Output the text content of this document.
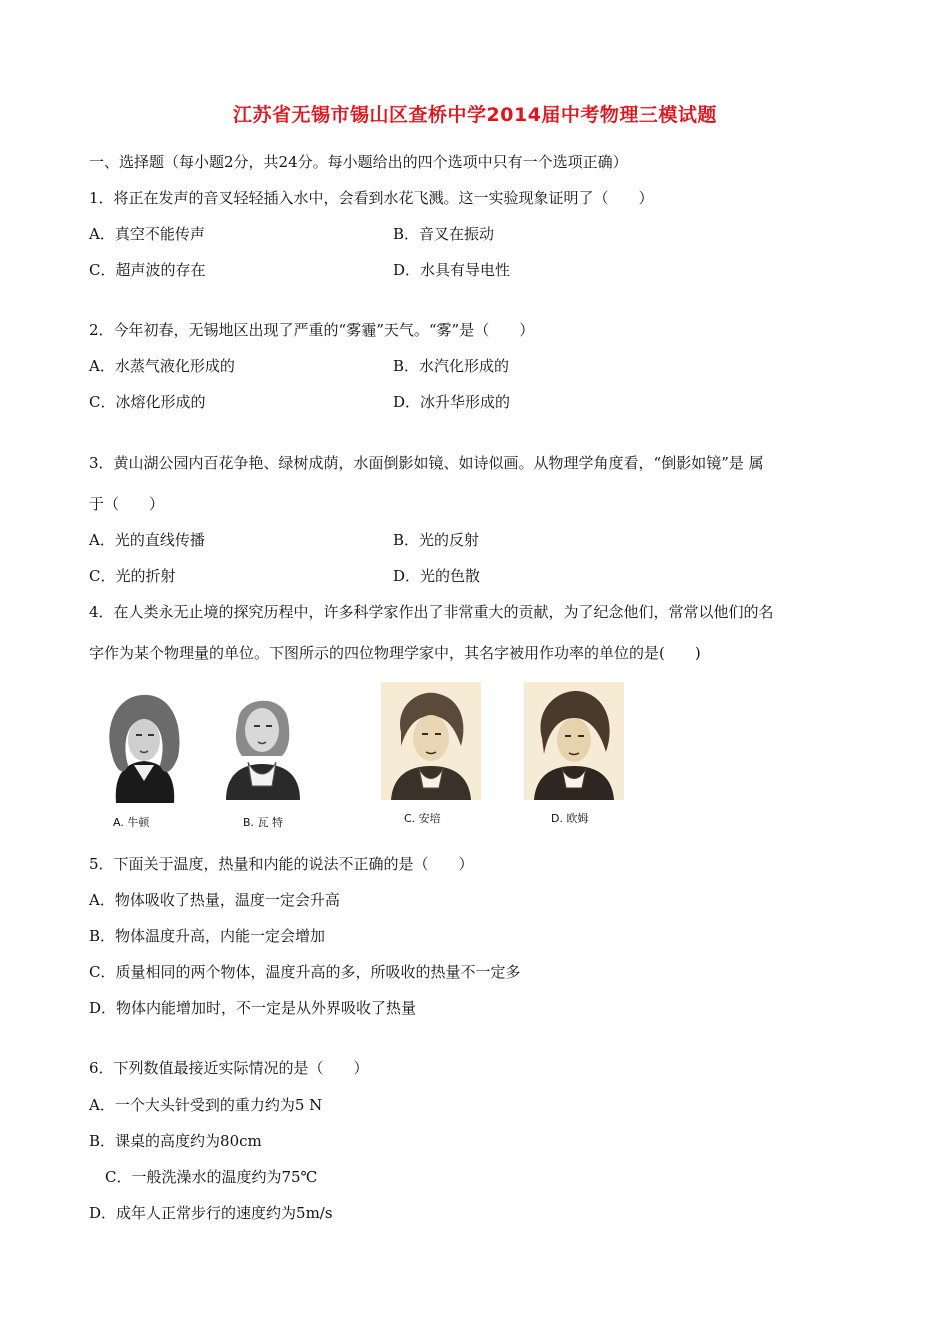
江苏省无锡市锡山区查桥中学2014届中考物理三模试题
一、选择题（每小题2分，共24分。每小题给出的四个选项中只有一个选项正确）
1．将正在发声的音叉轻轻插入水中，会看到水花飞溅。这一实验现象证明了（　　）
A．真空不能传声	B．音叉在振动
C．超声波的存在	D．水具有导电性
2．今年初春，无锡地区出现了严重的“雾霾”天气。“雾”是（　　）
A．水蒸气液化形成的	B．水汽化形成的
C．冰熔化形成的	D．冰升华形成的
3．黄山湖公园内百花争艳、绿树成荫，水面倒影如镜、如诗似画。从物理学角度看，“倒影如镜”是 属
于（　　）
A．光的直线传播	B．光的反射
C．光的折射	D．光的色散
4．在人类永无止境的探究历程中，许多科学家作出了非常重大的贡献，为了纪念他们，常常以他们的名
字作为某个物理量的单位。下图所示的四位物理学家中，其名字被用作功率的单位的是(　　)
A. 牛顿	B. 瓦 特	C. 安培	D. 欧姆
5．下面关于温度，热量和内能的说法不正确的是（　　）
A．物体吸收了热量，温度一定会升高
B．物体温度升高，内能一定会增加
C．质量相同的两个物体，温度升高的多，所吸收的热量不一定多
D．物体内能增加时，不一定是从外界吸收了热量
6．下列数值最接近实际情况的是（　　）
A．一个大头针受到的重力约为5 N
B．课桌的高度约为80cm
C．一般洗澡水的温度约为75℃
D．成年人正常步行的速度约为5m/s
